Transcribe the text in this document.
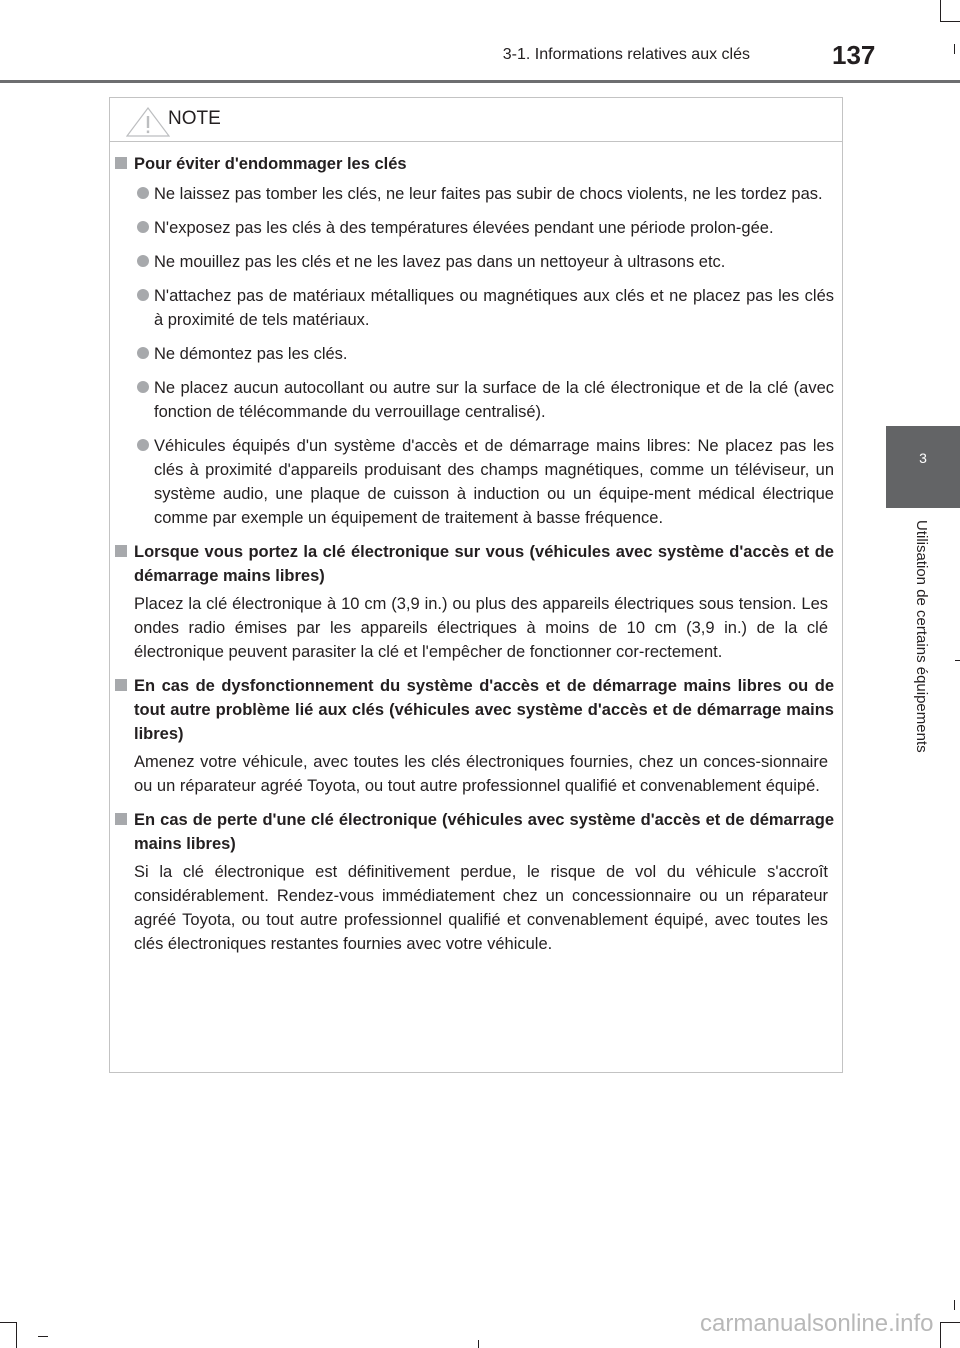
3-1. Informations relatives aux clés	137
3
Utilisation de certains équipements
NOTE
Pour éviter d'endommager les clés
Ne laissez pas tomber les clés, ne leur faites pas subir de chocs violents, ne les tordez pas.
N'exposez pas les clés à des températures élevées pendant une période prolon-gée.
Ne mouillez pas les clés et ne les lavez pas dans un nettoyeur à ultrasons etc.
N'attachez pas de matériaux métalliques ou magnétiques aux clés et ne placez pas les clés à proximité de tels matériaux.
Ne démontez pas les clés.
Ne placez aucun autocollant ou autre sur la surface de la clé électronique et de la clé (avec fonction de télécommande du verrouillage centralisé).
Véhicules équipés d'un système d'accès et de démarrage mains libres: Ne placez pas les clés à proximité d'appareils produisant des champs magnétiques, comme un téléviseur, un système audio, une plaque de cuisson à induction ou un équipe-ment médical électrique comme par exemple un équipement de traitement à basse fréquence.
Lorsque vous portez la clé électronique sur vous (véhicules avec système d'accès et de démarrage mains libres)
Placez la clé électronique à 10 cm (3,9 in.) ou plus des appareils électriques sous tension. Les ondes radio émises par les appareils électriques à moins de 10 cm (3,9 in.) de la clé électronique peuvent parasiter la clé et l'empêcher de fonctionner cor-rectement.
En cas de dysfonctionnement du système d'accès et de démarrage mains libres ou de tout autre problème lié aux clés (véhicules avec système d'accès et de démarrage mains libres)
Amenez votre véhicule, avec toutes les clés électroniques fournies, chez un conces-sionnaire ou un réparateur agréé Toyota, ou tout autre professionnel qualifié et convenablement équipé.
En cas de perte d'une clé électronique (véhicules avec système d'accès et de démarrage mains libres)
Si la clé électronique est définitivement perdue, le risque de vol du véhicule s'accroît considérablement. Rendez-vous immédiatement chez un concessionnaire ou un réparateur agréé Toyota, ou tout autre professionnel qualifié et convenablement équipé, avec toutes les clés électroniques restantes fournies avec votre véhicule.
carmanualsonline.info
